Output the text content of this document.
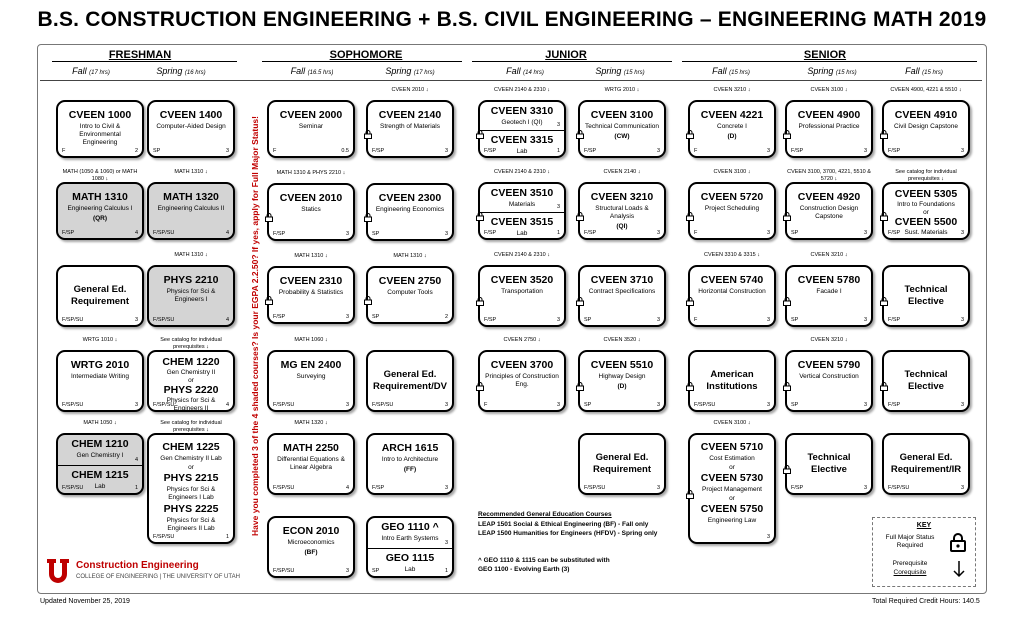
B.S. CONSTRUCTION ENGINEERING + B.S. CIVIL ENGINEERING – ENGINEERING MATH 2019
FRESHMAN	SOPHOMORE	JUNIOR	SENIOR
Fall (17 hrs)	Spring (16 hrs)	Fall (16.5 hrs)	Spring (17 hrs)	Fall (14 hrs)	Spring (15 hrs)	Fall (15 hrs)	Spring (15 hrs)	Fall (15 hrs)
Have you completed 3 of the 4 shaded courses? Is your EGPA 2.2.50? If yes, apply for Full Major Status!
CVEEN 1000
Intro to Civil & Environmental Engineering
F	2
CVEEN 1400
Computer-Aided Design
SP	3
MATH (1050 & 1060) or MATH 1080 ↓
MATH 1310
Engineering Calculus I
(QR)
F/SP	4
MATH 1310 ↓
MATH 1320
Engineering Calculus II
F/SP/SU	4
General Ed. Requirement
F/SP/SU	3
MATH 1310 ↓
PHYS 2210
Physics for Sci & Engineers I
F/SP/SU	4
WRTG 1010 ↓
WRTG 2010
Intermediate Writing
F/SP/SU	3
See catalog for individual prerequisites ↓
CHEM 1220
Gen Chemistry II
or
PHYS 2220
Physics for Sci & Engineers II
F/SP/SU	4
MATH 1050 ↓
CHEM 1210
Gen Chemistry I
4
CHEM 1215
Lab
F/SP/SU	1
See catalog for individual prerequisites ↓
CHEM 1225
Gen Chemistry II Lab
or
PHYS 2215
Physics for Sci & Engineers I Lab
PHYS 2225
Physics for Sci & Engineers II Lab
F/SP/SU	1
CVEEN 2000
Seminar
F	0.5
CVEEN 2010 ↓
CVEEN 2140
Strength of Materials
F/SP	3
MATH 1310 & PHYS 2210 ↓
CVEEN 2010
Statics
F/SP	3
CVEEN 2300
Engineering Economics
SP	3
MATH 1310 ↓
CVEEN 2310
Probability & Statistics
F/SP	3
MATH 1310 ↓
CVEEN 2750
Computer Tools
SP	2
MATH 1060 ↓
MG EN 2400
Surveying
F/SP/SU	3
General Ed. Requirement/DV
F/SP/SU	3
MATH 1320 ↓
MATH 2250
Differential Equations & Linear Algebra
F/SP/SU	4
ARCH 1615
Intro to Architecture
(FF)
F/SP	3
ECON 2010
Microeconomics
(BF)
F/SP/SU	3
GEO 1110 ^
Intro Earth Systems
3
GEO 1115
Lab
SP	1
CVEEN 2140 & 2310 ↓
CVEEN 3310
Geotech I (QI)	3
CVEEN 3315
Lab
F/SP	1
WRTG 2010 ↓
CVEEN 3100
Technical Communication
(CW)
F/SP	3
CVEEN 2140 & 2310 ↓
CVEEN 3510
Materials	3
CVEEN 3515
Lab
F/SP	1
CVEEN 2140 ↓
CVEEN 3210
Structural Loads & Analysis
(QI)
F/SP	3
CVEEN 2140 & 2310 ↓
CVEEN 3520
Transportation
F/SP	3
CVEEN 3710
Contract Specifications
SP	3
CVEEN 2750 ↓
CVEEN 3700
Principles of Construction Eng.
F	3
CVEEN 3520 ↓
CVEEN 5510
Highway Design
(D)
SP	3
General Ed. Requirement
F/SP/SU	3
CVEEN 3210 ↓
CVEEN 4221
Concrete I
(D)
F	3
CVEEN 3100 ↓
CVEEN 4900
Professional Practice
F/SP	3
CVEEN 4900, 4221 & 5510 ↓
CVEEN 4910
Civil Design Capstone
F/SP	3
CVEEN 3100 ↓
CVEEN 5720
Project Scheduling
F	3
CVEEN 3100, 3700, 4221, 5510 & 5720 ↓
CVEEN 4920
Construction Design Capstone
SP	3
See catalog for individual prerequisites ↓
CVEEN 5305
Intro to Foundations
or
CVEEN 5500
Sust. Materials
F/SP	3
CVEEN 3310 & 3315 ↓
CVEEN 5740
Horizontal Construction
F	3
CVEEN 3210 ↓
CVEEN 5780
Facade I
SP	3
Technical Elective
F/SP	3
American Institutions
F/SP/SU	3
CVEEN 3210 ↓
CVEEN 5790
Vertical Construction
SP	3
Technical Elective
F/SP	3
CVEEN 3100 ↓
CVEEN 5710
Cost Estimation
or
CVEEN 5730
Project Management
or
CVEEN 5750
Engineering Law
3
Technical Elective
F/SP	3
General Ed. Requirement/IR
F/SP/SU	3
Recommended General Education Courses
LEAP 1501 Social & Ethical Engineering (BF) - Fall only
LEAP 1500 Humanities for Engineers (HFDV) - Spring only
^ GEO 1110 & 1115 can be substituted with
GEO 1100 - Evolving Earth (3)
KEY
Full Major Status Required
Prerequisite
Corequisite
Construction Engineering
COLLEGE OF ENGINEERING | THE UNIVERSITY OF UTAH
Updated November 25, 2019	Total Required Credit Hours: 140.5
